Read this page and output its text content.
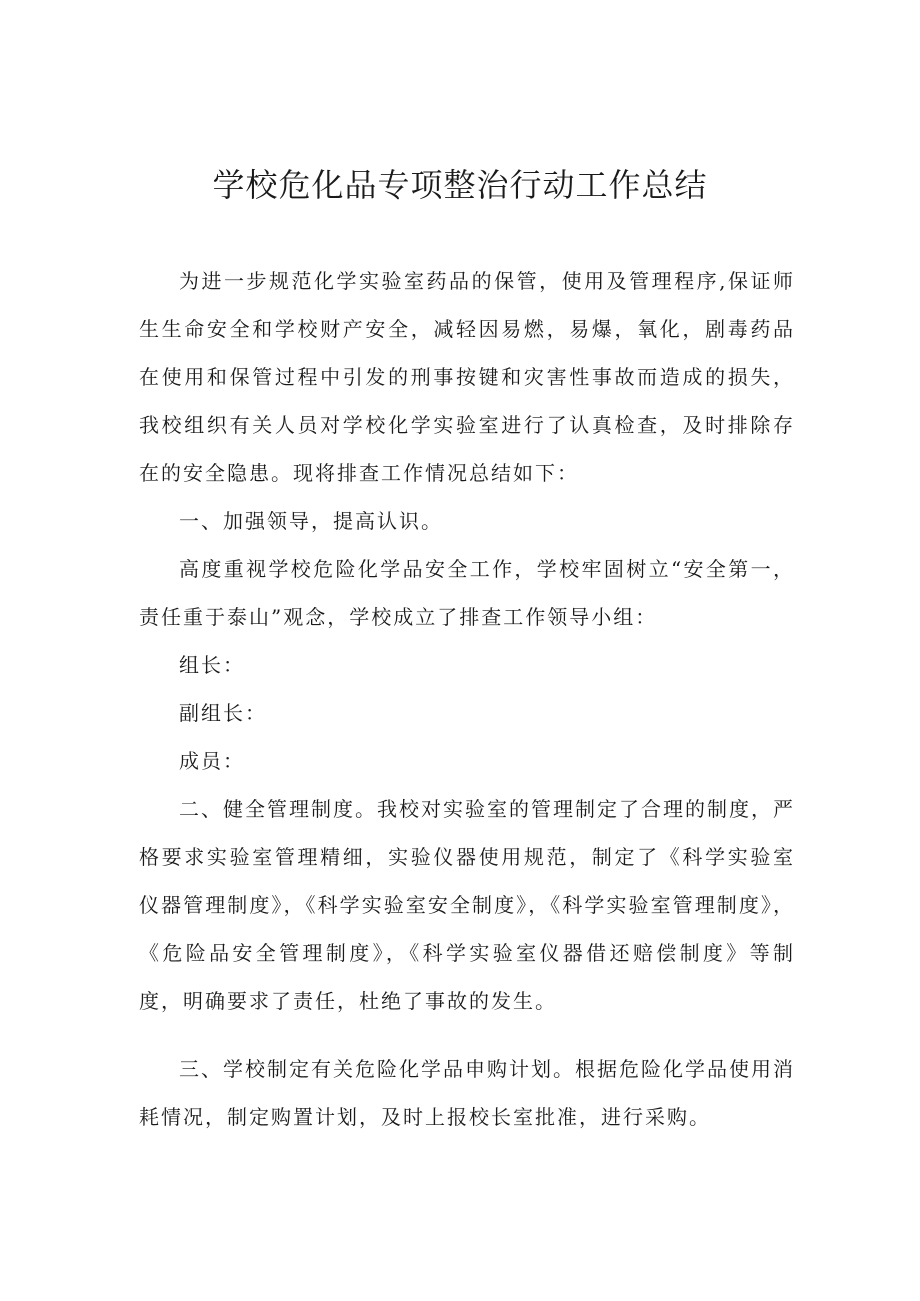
学校危化品专项整治行动工作总结

为进一步规范化学实验室药品的保管，使用及管理程序,保证师生生命安全和学校财产安全，减轻因易燃，易爆，氧化，剧毒药品在使用和保管过程中引发的刑事按键和灾害性事故而造成的损失，我校组织有关人员对学校化学实验室进行了认真检查，及时排除存在的安全隐患。现将排查工作情况总结如下：

一、加强领导，提高认识。

高度重视学校危险化学品安全工作，学校牢固树立“安全第一，责任重于泰山”观念，学校成立了排查工作领导小组：

组长：

副组长：

成员：

二、健全管理制度。我校对实验室的管理制定了合理的制度，严格要求实验室管理精细，实验仪器使用规范，制定了《科学实验室仪器管理制度》，《科学实验室安全制度》，《科学实验室管理制度》，《危险品安全管理制度》，《科学实验室仪器借还赔偿制度》等制度，明确要求了责任，杜绝了事故的发生。

三、学校制定有关危险化学品申购计划。根据危险化学品使用消耗情况，制定购置计划，及时上报校长室批准，进行采购。
